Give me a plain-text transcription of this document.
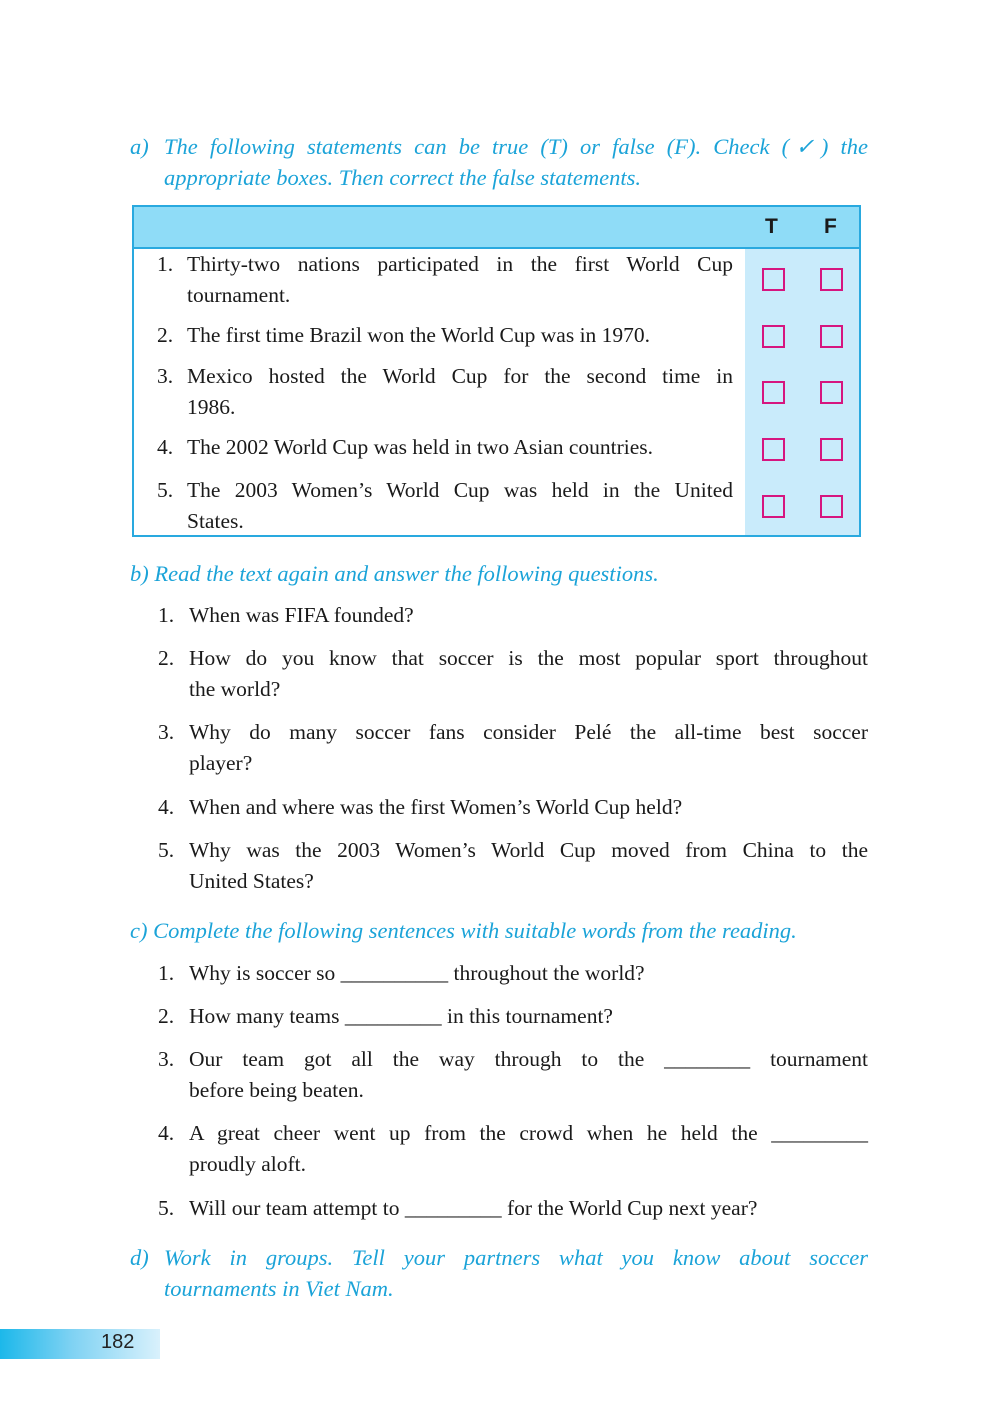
a) The following statements can be true (T) or false (F). Check (✓) the
appropriate boxes. Then correct the false statements.
T F
1. Thirty-two nations participated in the first World Cup
tournament.
2. The first time Brazil won the World Cup was in 1970.
3. Mexico hosted the World Cup for the second time in
1986.
4. The 2002 World Cup was held in two Asian countries.
5. The 2003 Women’s World Cup was held in the United
States.
b) Read the text again and answer the following questions.
1. When was FIFA founded?
2. How do you know that soccer is the most popular sport throughout
the world?
3. Why do many soccer fans consider Pelé the all-time best soccer
player?
4. When and where was the first Women’s World Cup held?
5. Why was the 2003 Women’s World Cup moved from China to the
United States?
c) Complete the following sentences with suitable words from the reading.
1. Why is soccer so __________ throughout the world?
2. How many teams _________ in this tournament?
3. Our team got all the way through to the ________ tournament
before being beaten.
4. A great cheer went up from the crowd when he held the _________
proudly aloft.
5. Will our team attempt to _________ for the World Cup next year?
d) Work in groups. Tell your partners what you know about soccer
tournaments in Viet Nam.
182
